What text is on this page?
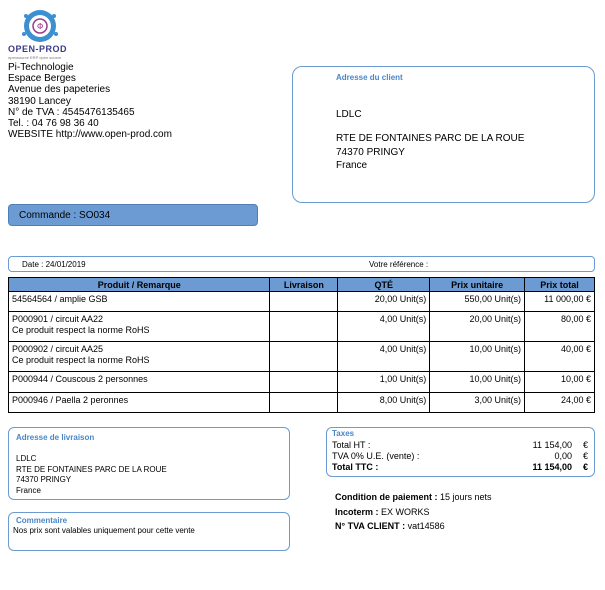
Φ
OPEN-PROD
opensource ERP open source
Pi-Technologie
Espace Berges
Avenue des papeteries
38190 Lancey
N° de TVA : 4545476135465
Tel. : 04 76 98 36 40
WEBSITE http://www.open-prod.com
Adresse du client
LDLC
RTE DE FONTAINES PARC DE LA ROUE
74370 PRINGY
France
Commande : SO034
Date : 24/01/2019	Votre référence :
Produit / Remarque	Livraison	QTÉ	Prix unitaire	Prix total

54564564 / amplie GSB		20,00 Unit(s)	550,00 Unit(s)	11 000,00 €

P000901 / circuit AA22
Ce produit respect la norme RoHS		4,00 Unit(s)	20,00 Unit(s)	80,00 €

P000902 / circuit AA25
Ce produit respect la norme RoHS		4,00 Unit(s)	10,00 Unit(s)	40,00 €

P000944 / Couscous 2 personnes		1,00 Unit(s)	10,00 Unit(s)	10,00 €

P000946 / Paella 2 peronnes		8,00 Unit(s)	3,00 Unit(s)	24,00 €
Adresse de livraison
LDLC
RTE DE FONTAINES PARC DE LA ROUE
74370 PRINGY
France
Taxes
Total HT :	11 154,00 €
TVA 0% U.E. (vente) :	0,00 €
Total TTC :	11 154,00 €
Condition de paiement : 15 jours nets
Incoterm : EX WORKS
N° TVA CLIENT : vat14586
Commentaire
Nos prix sont valables uniquement pour cette vente
